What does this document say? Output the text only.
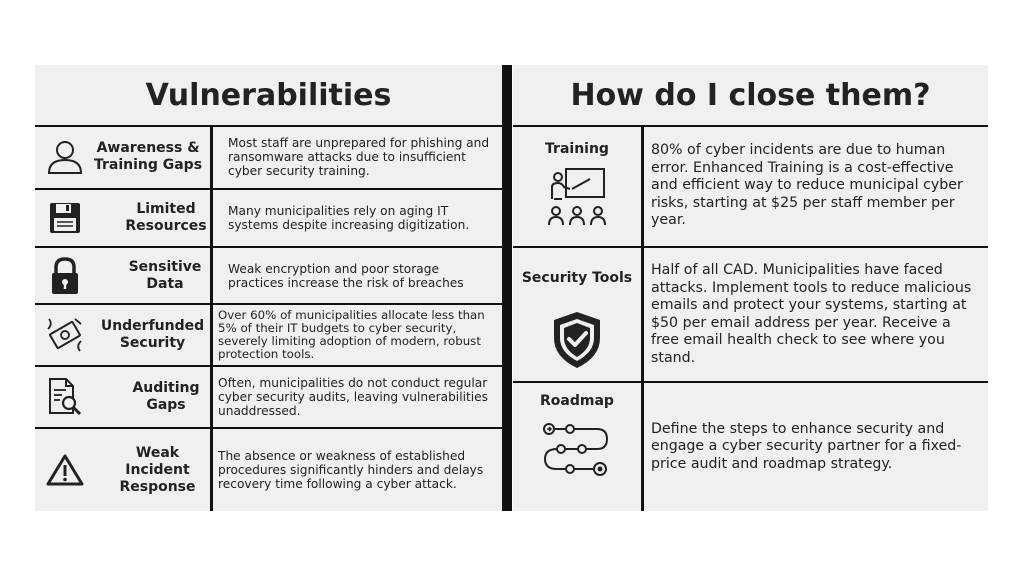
Vulnerabilities
Awareness & Training Gaps
Most staff are unprepared for phishing and ransomware attacks due to insufficient cyber security training.
Limited Resources
Many municipalities rely on aging IT systems despite increasing digitization.
Sensitive Data
Weak encryption and poor storage practices increase the risk of breaches
Underfunded Security
Over 60% of municipalities allocate less than 5% of their IT budgets to cyber security, severely limiting adoption of modern, robust protection tools.
Auditing Gaps
Often, municipalities do not conduct regular cyber security audits, leaving vulnerabilities unaddressed.
Weak Incident Response
The absence or weakness of established procedures significantly hinders and delays recovery time following a cyber attack.
How do I close them?
Training	80% of cyber incidents are due to human error. Enhanced Training is a cost-effective and efficient way to reduce municipal cyber risks, starting at $25 per staff member per year.
Security Tools Half of all CAD. Municipalities have faced attacks. Implement tools to reduce malicious emails and protect your systems, starting at $50 per email address per year. Receive a free email health check to see where you stand.
Roadmap
Define the steps to enhance security and engage a cyber security partner for a fixed-price audit and roadmap strategy.
